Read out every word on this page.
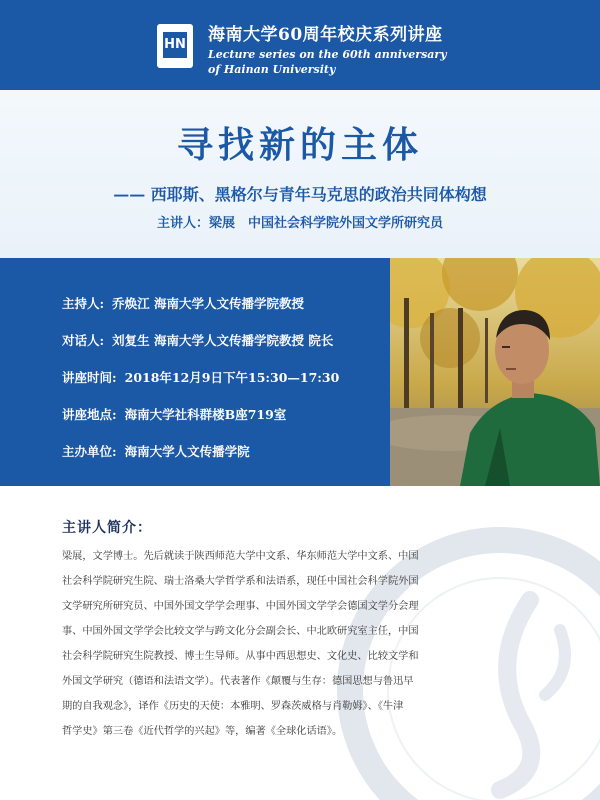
HN 海南大学60周年校庆系列讲座
Lecture series on the 60th anniversary
of Hainan University
寻找新的主体
—— 西耶斯、黑格尔与青年马克思的政治共同体构想
主讲人：梁展　中国社会科学院外国文学所研究员
主持人: 乔焕江 海南大学人文传播学院教授
对话人: 刘复生 海南大学人文传播学院教授 院长
讲座时间: 2018年12月9日下午15:30—17:30
讲座地点: 海南大学社科群楼B座719室
主办单位: 海南大学人文传播学院
主讲人简介：
梁展，文学博士。先后就读于陕西师范大学中文系、华东师范大学中文系、中国
社会科学院研究生院、瑞士洛桑大学哲学系和法语系，现任中国社会科学院外国
文学研究所研究员、中国外国文学学会理事、中国外国文学学会德国文学分会理
事、中国外国文学学会比较文学与跨文化分会副会长、中北欧研究室主任，中国
社会科学院研究生院教授、博士生导师。从事中西思想史、文化史、比较文学和
外国文学研究（德语和法语文学）。代表著作《颠覆与生存：德国思想与鲁迅早
期的自我观念》，译作《历史的天使：本雅明、罗森茨威格与肖勒姆》、《牛津
哲学史》第三卷《近代哲学的兴起》等，编著《全球化话语》。
